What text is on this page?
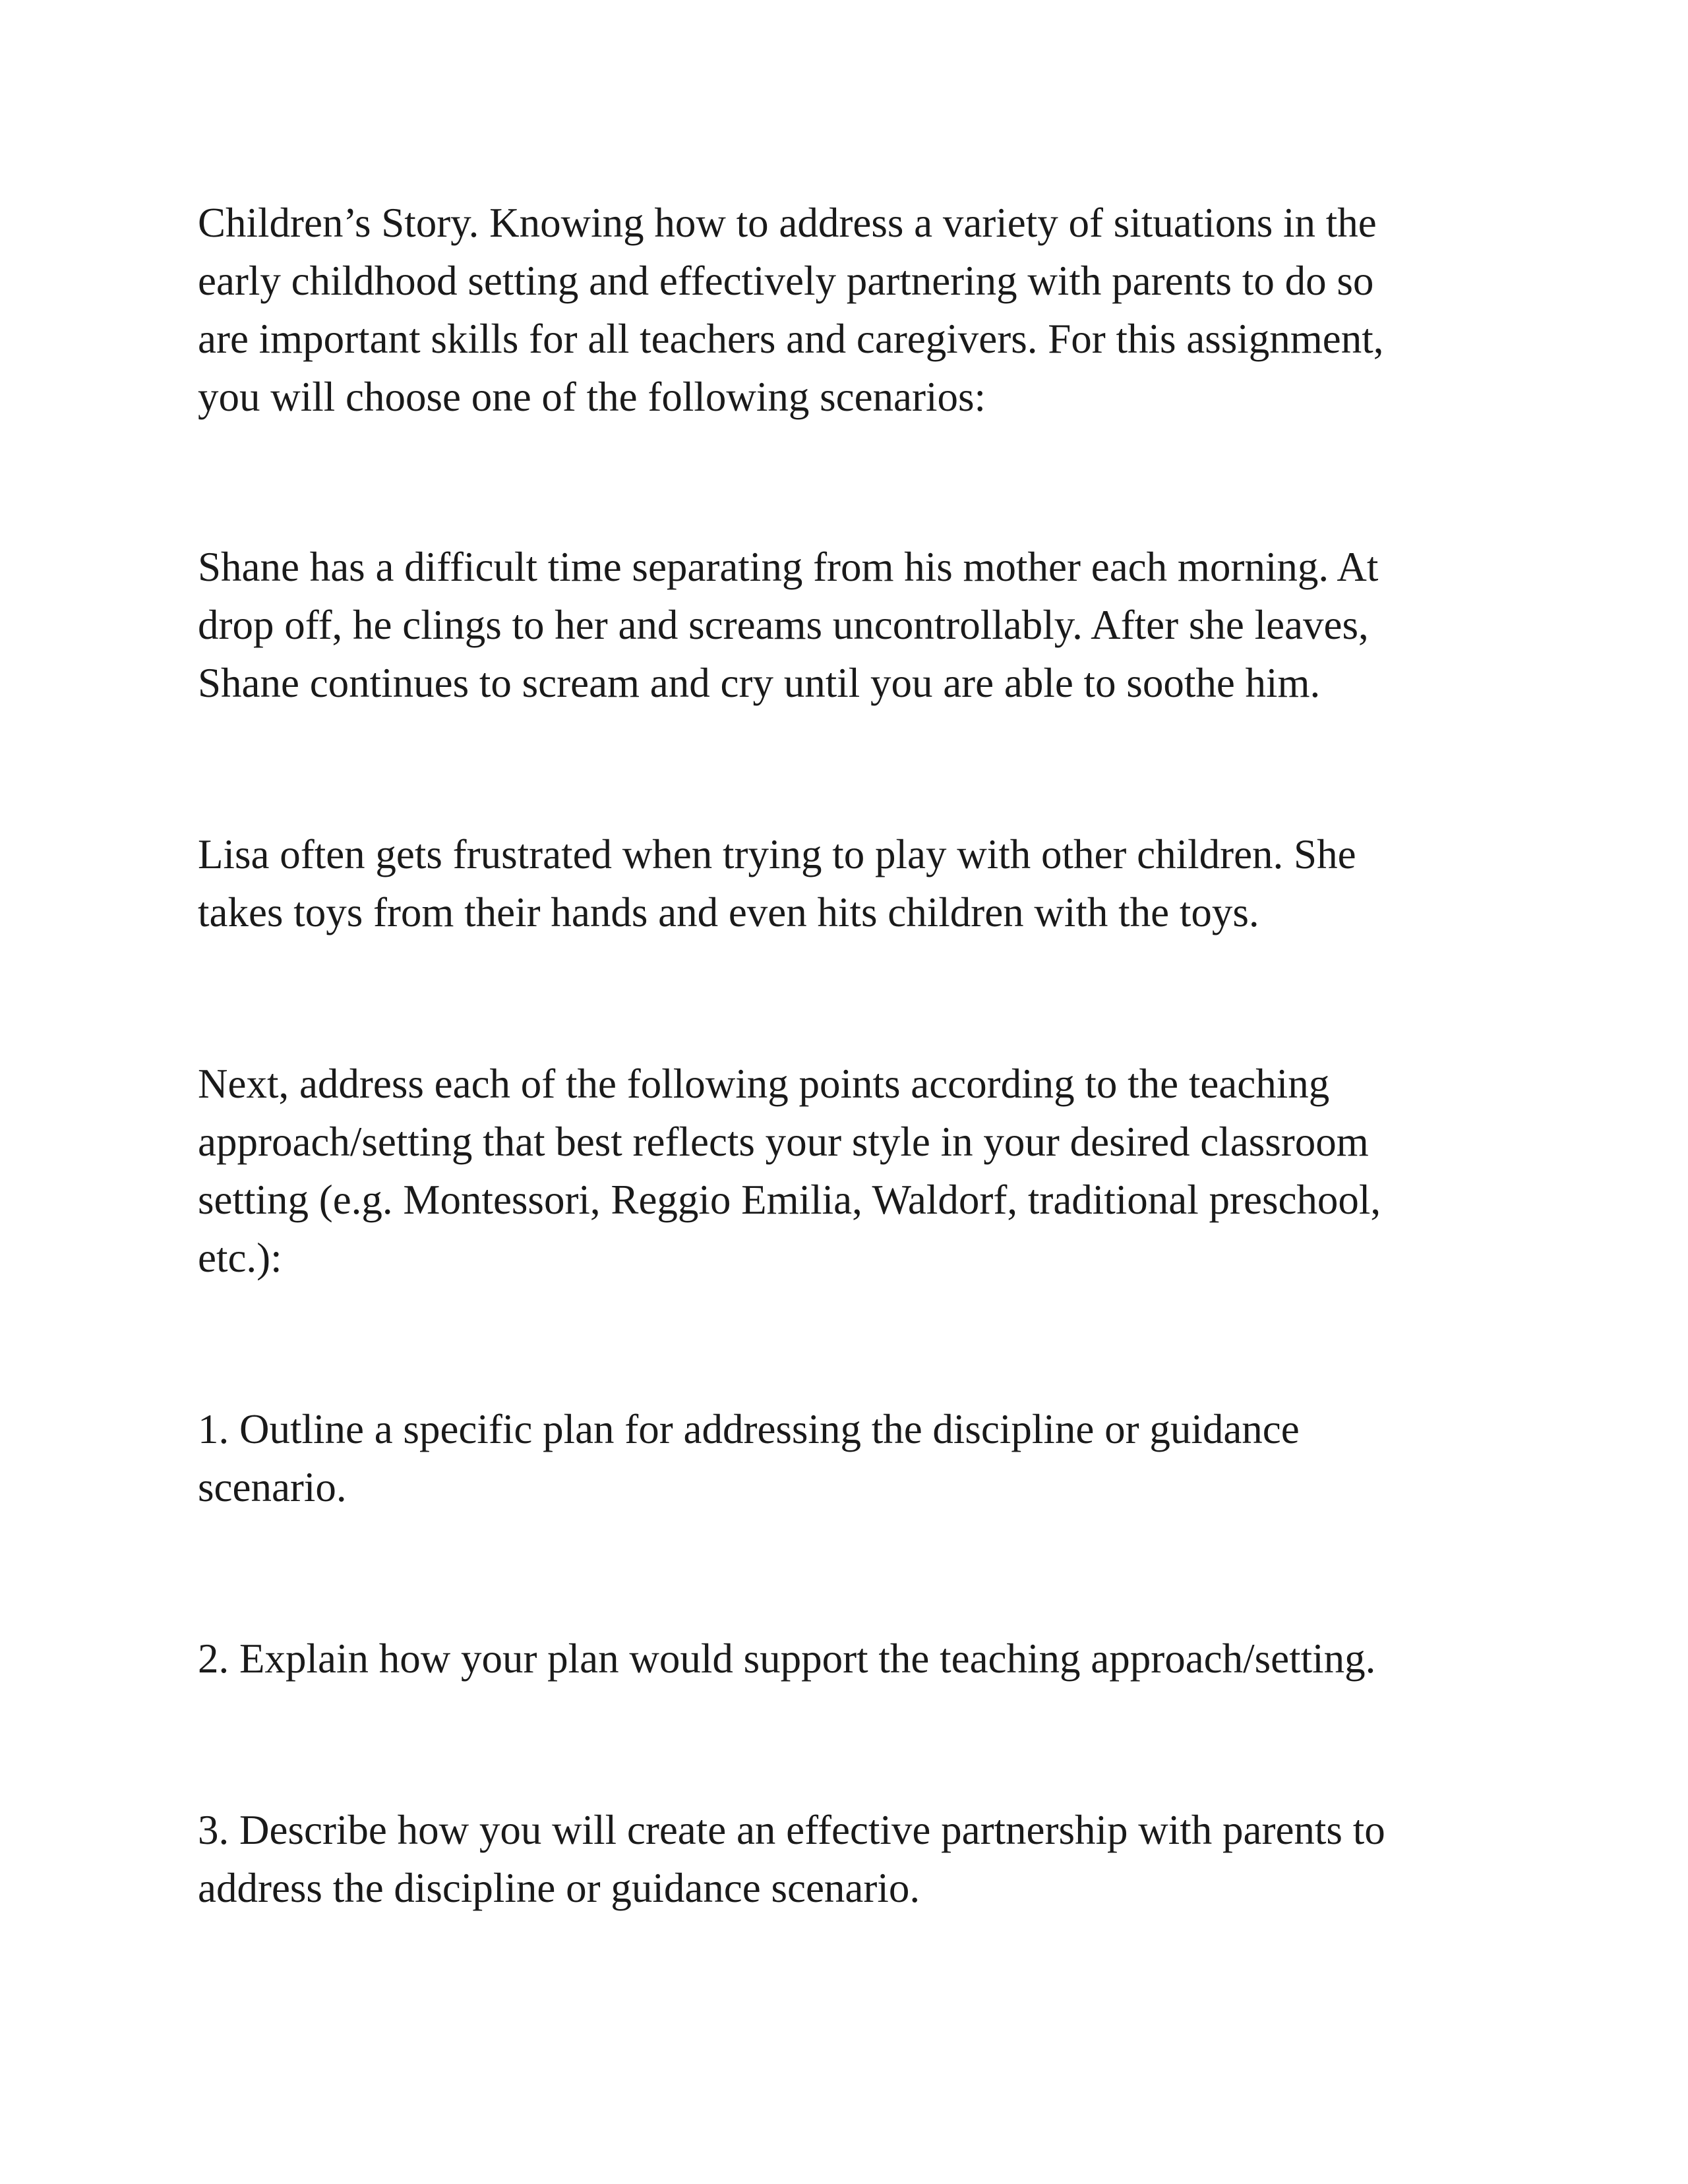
Children’s Story. Knowing how to address a variety of situations in the
early childhood setting and effectively partnering with parents to do so
are important skills for all teachers and caregivers. For this assignment,
you will choose one of the following scenarios:

Shane has a difficult time separating from his mother each morning. At
drop off, he clings to her and screams uncontrollably. After she leaves,
Shane continues to scream and cry until you are able to soothe him.

Lisa often gets frustrated when trying to play with other children. She
takes toys from their hands and even hits children with the toys.

Next, address each of the following points according to the teaching
approach/setting that best reflects your style in your desired classroom
setting (e.g. Montessori, Reggio Emilia, Waldorf, traditional preschool,
etc.):

1. Outline a specific plan for addressing the discipline or guidance
scenario.

2. Explain how your plan would support the teaching approach/setting.

3. Describe how you will create an effective partnership with parents to
address the discipline or guidance scenario.
